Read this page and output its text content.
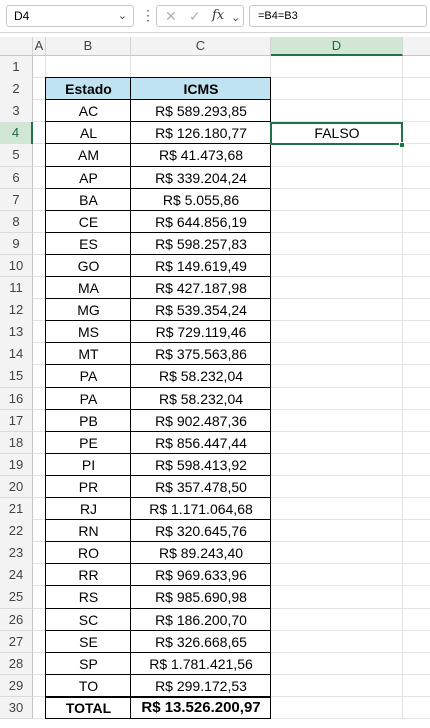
D4	⌄ ⋮ ✕ ✓ fx ⌄	=B4=B3
A	B	C	D
1
2
3
4
5
6
7
8
9
10
11
12
13
14
15
16
17
18
19
20
21
22
23
24
25
26
27
28
29
30
Estado	ICMS
AC	R$ 589.293,85
AL	R$ 126.180,77
AM	R$ 41.473,68
AP	R$ 339.204,24
BA	R$ 5.055,86
CE	R$ 644.856,19
ES	R$ 598.257,83
GO	R$ 149.619,49
MA	R$ 427.187,98
MG	R$ 539.354,24
MS	R$ 729.119,46
MT	R$ 375.563,86
PA	R$ 58.232,04
PA	R$ 58.232,04
PB	R$ 902.487,36
PE	R$ 856.447,44
PI	R$ 598.413,92
PR	R$ 357.478,50
RJ	R$ 1.171.064,68
RN	R$ 320.645,76
RO	R$ 89.243,40
RR	R$ 969.633,96
RS	R$ 985.690,98
SC	R$ 186.200,70
SE	R$ 326.668,65
SP	R$ 1.781.421,56
TO	R$ 299.172,53
TOTAL	R$ 13.526.200,97
FALSO
